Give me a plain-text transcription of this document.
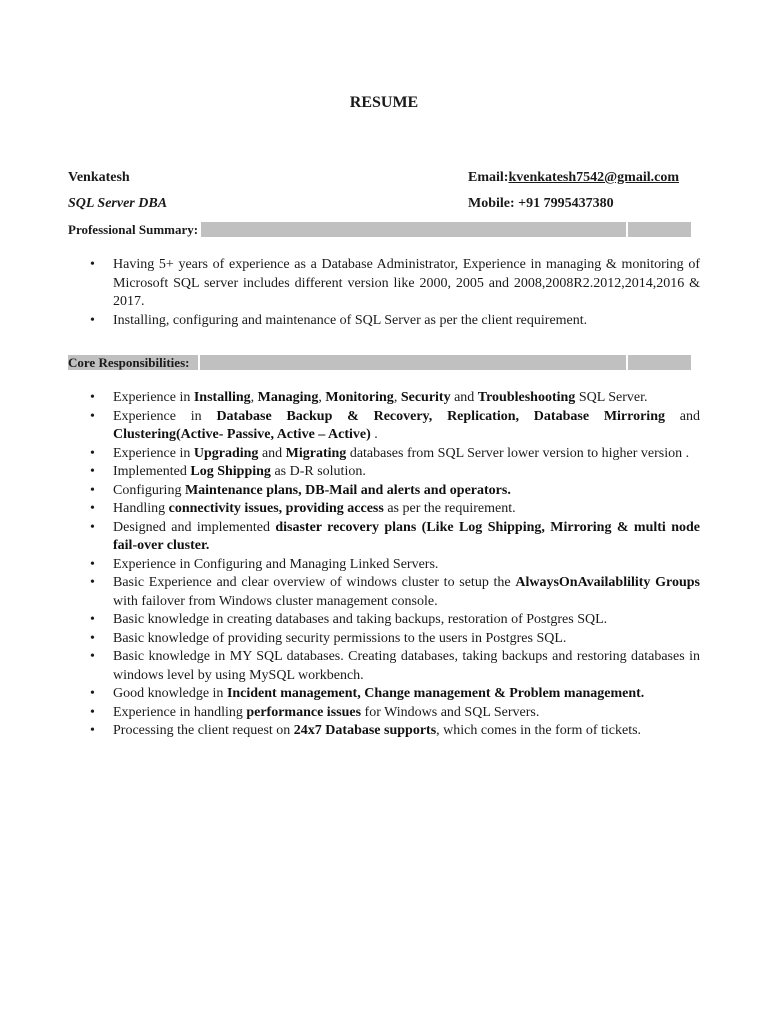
RESUME
Venkatesh
SQL Server DBA
Email:kvenkatesh7542@gmail.com
Mobile: +91 7995437380
Professional Summary:
• Having 5+ years of experience as a Database Administrator, Experience in managing & monitoring of Microsoft SQL server includes different version like 2000, 2005 and 2008,2008R2.2012,2014,2016 & 2017.
• Installing, configuring and maintenance of SQL Server as per the client requirement.
Core Responsibilities:
• Experience in Installing, Managing, Monitoring, Security and Troubleshooting SQL Server.
• Experience in Database Backup & Recovery, Replication, Database Mirroring and Clustering(Active- Passive, Active – Active) .
• Experience in Upgrading and Migrating databases from SQL Server lower version to higher version .
• Implemented Log Shipping as D-R solution.
• Configuring Maintenance plans, DB-Mail and alerts and operators.
• Handling connectivity issues, providing access as per the requirement.
• Designed and implemented disaster recovery plans (Like Log Shipping, Mirroring & multi node fail-over cluster.
• Experience in Configuring and Managing Linked Servers.
• Basic Experience and clear overview of windows cluster to setup the AlwaysOnAvailablility Groups with failover from Windows cluster management console.
• Basic knowledge in creating databases and taking backups, restoration of Postgres SQL.
• Basic knowledge of providing security permissions to the users in Postgres SQL.
• Basic knowledge in MY SQL databases. Creating databases, taking backups and restoring databases in windows level by using MySQL workbench.
• Good knowledge in Incident management, Change management & Problem management.
• Experience in handling performance issues for Windows and SQL Servers.
• Processing the client request on 24x7 Database supports, which comes in the form of tickets.
